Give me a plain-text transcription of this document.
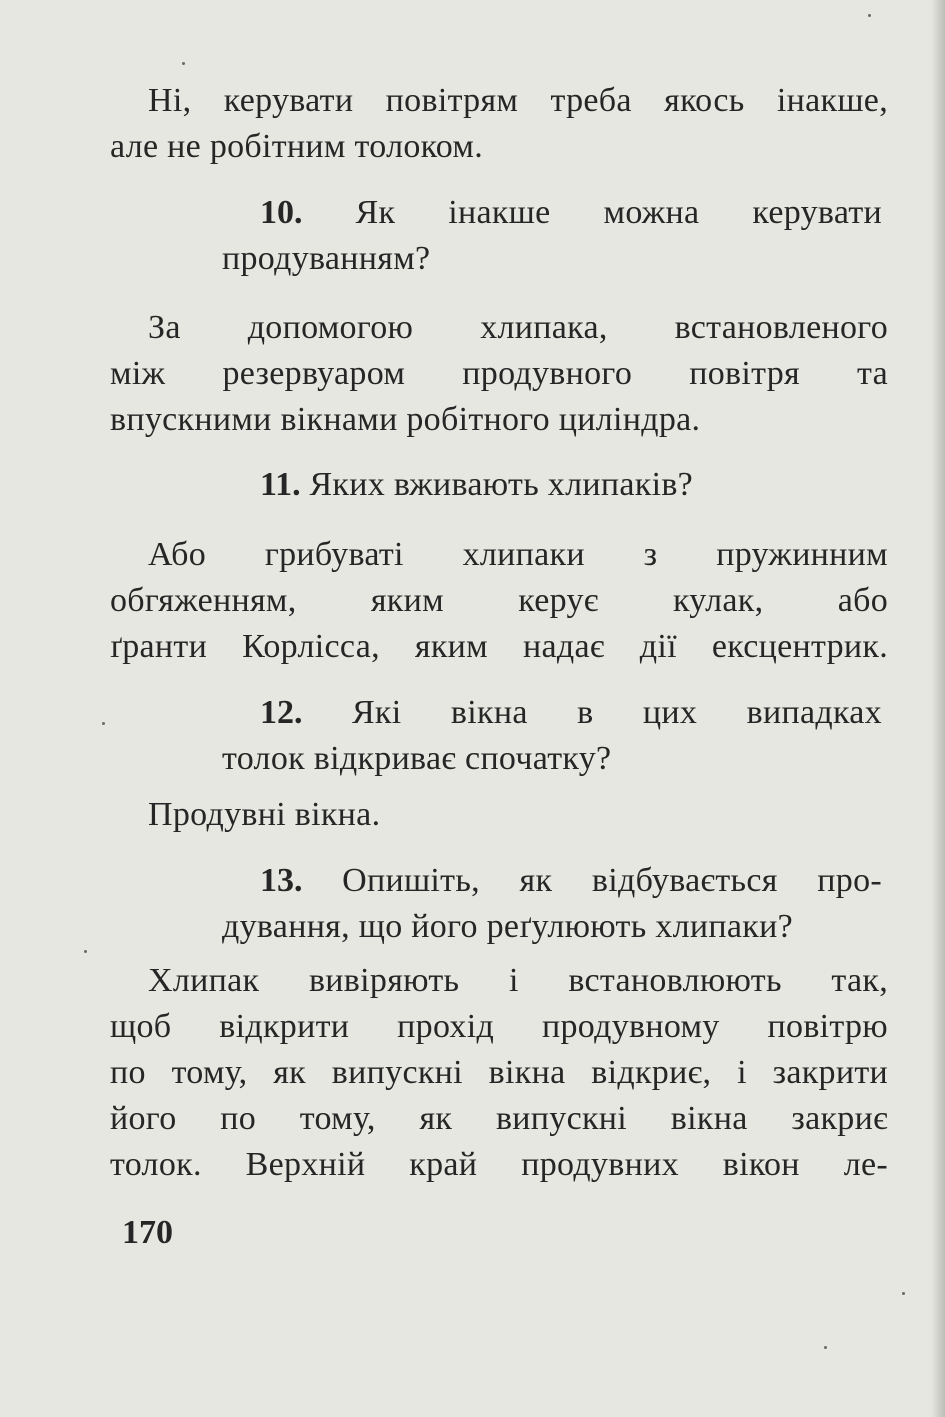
Ні, керувати повітрям треба якось інакше,
але не робітним толоком.
10. Як інакше можна керувати
продуванням?
За допомогою хлипака, встановленого
між резервуаром продувного повітря та
впускними вікнами робітного циліндра.
11. Яких вживають хлипаків?
Або грибуваті хлипаки з пружинним
обгяженням, яким керує кулак, або
ґранти Корлісса, яким надає дії ексцентрик.
12. Які вікна в цих випадках
толок відкриває спочатку?
Продувні вікна.
13. Опишіть, як відбувається про-
дування, що його реґулюють хлипаки?
Хлипак вивіряють і встановлюють так,
щоб відкрити прохід продувному повітрю
по тому, як випускні вікна відкриє, і закрити
його по тому, як випускні вікна закриє
толок. Верхній край продувних вікон ле-
170
